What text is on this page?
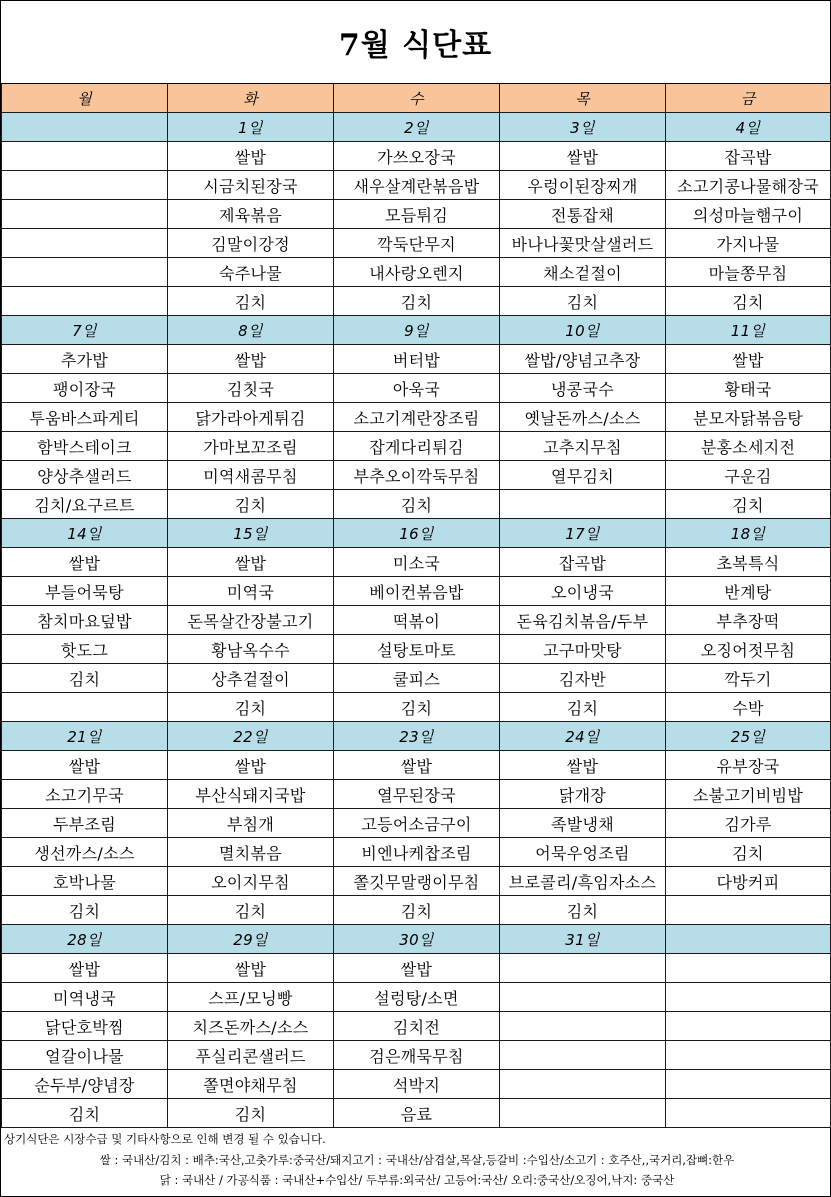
7월 식단표
월	화	수	목	금
	1일	2일	3일	4일
	쌀밥	가쓰오장국	쌀밥	잡곡밥
	시금치된장국	새우살계란볶음밥	우렁이된장찌개	소고기콩나물해장국
	제육볶음	모듬튀김	전통잡채	의성마늘햄구이
	김말이강정	깍둑단무지	바나나꽃맛살샐러드	가지나물
	숙주나물	내사랑오렌지	채소겉절이	마늘쫑무침
	김치	김치	김치	김치
7일	8일	9일	10일	11일
추가밥	쌀밥	버터밥	쌀밥/양념고추장	쌀밥
팽이장국	김칫국	아욱국	냉콩국수	황태국
투움바스파게티	닭가라아게튀김	소고기계란장조림	옛날돈까스/소스	분모자닭볶음탕
함박스테이크	가마보꼬조림	잡게다리튀김	고추지무침	분홍소세지전
양상추샐러드	미역새콤무침	부추오이깍둑무침	열무김치	구운김
김치/요구르트	김치	김치		김치
14일	15일	16일	17일	18일
쌀밥	쌀밥	미소국	잡곡밥	초복특식
부들어묵탕	미역국	베이컨볶음밥	오이냉국	반계탕
참치마요덮밥	돈목살간장불고기	떡볶이	돈육김치볶음/두부	부추장떡
핫도그	황남옥수수	설탕토마토	고구마맛탕	오징어젓무침
김치	상추겉절이	쿨피스	김자반	깍두기
	김치	김치	김치	수박
21일	22일	23일	24일	25일
쌀밥	쌀밥	쌀밥	쌀밥	유부장국
소고기무국	부산식돼지국밥	열무된장국	닭개장	소불고기비빔밥
두부조림	부침개	고등어소금구이	족발냉채	김가루
생선까스/소스	멸치볶음	비엔나케찹조림	어묵우엉조림	김치
호박나물	오이지무침	쫄깃무말랭이무침	브로콜리/흑임자소스	다방커피
김치	김치	김치	김치	
28일	29일	30일	31일	
쌀밥	쌀밥	쌀밥		
미역냉국	스프/모닝빵	설렁탕/소면		
닭단호박찜	치즈돈까스/소스	김치전		
얼갈이나물	푸실리콘샐러드	검은깨묵무침		
순두부/양념장	쫄면야채무침	석박지		
김치	김치	음료		
상기식단은 시장수급 및 기타사항으로 인해 변경 될 수 있습니다.
쌀 : 국내산/김치 : 배추:국산,고춧가루:중국산/돼지고기 : 국내산/삼겹살,목살,등갈비 :수입산/소고기 : 호주산,,국거리,잡뼈:한우
닭 : 국내산 / 가공식품 : 국내산+수입산/ 두부류:외국산/ 고등어:국산/ 오리:중국산/오징어,낙지: 중국산
